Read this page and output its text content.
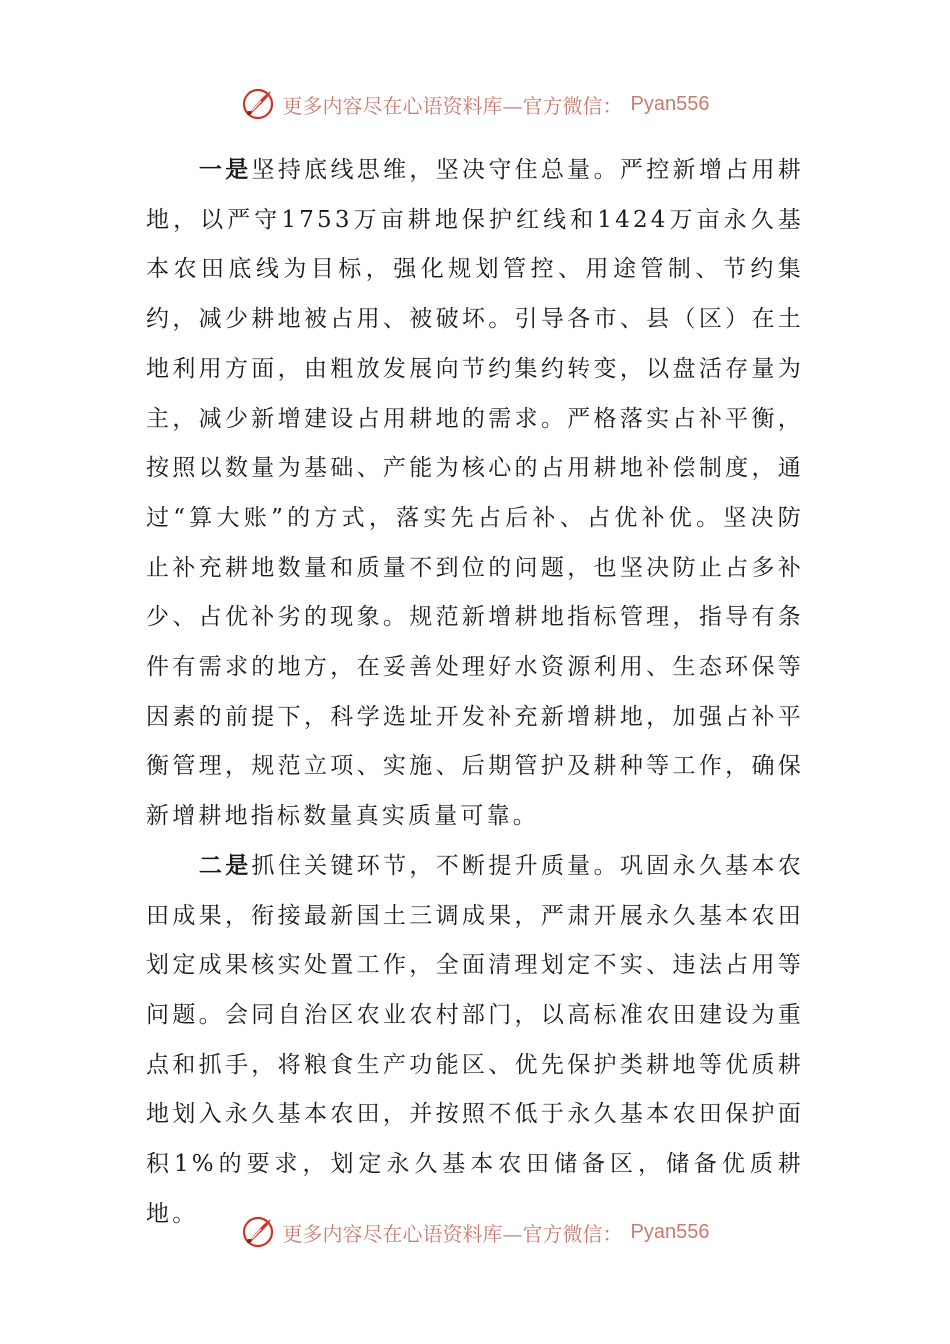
更多内容尽在心语资料库—官方微信： Pyan556

一是坚持底线思维，坚决守住总量。严控新增占用耕地，以严守1753万亩耕地保护红线和1424万亩永久基本农田底线为目标，强化规划管控、用途管制、节约集约，减少耕地被占用、被破坏。引导各市、县（区）在土地利用方面，由粗放发展向节约集约转变，以盘活存量为主，减少新增建设占用耕地的需求。严格落实占补平衡，按照以数量为基础、产能为核心的占用耕地补偿制度，通过“算大账”的方式，落实先占后补、占优补优。坚决防止补充耕地数量和质量不到位的问题，也坚决防止占多补少、占优补劣的现象。规范新增耕地指标管理，指导有条件有需求的地方，在妥善处理好水资源利用、生态环保等因素的前提下，科学选址开发补充新增耕地，加强占补平衡管理，规范立项、实施、后期管护及耕种等工作，确保新增耕地指标数量真实质量可靠。

二是抓住关键环节，不断提升质量。巩固永久基本农田成果，衔接最新国土三调成果，严肃开展永久基本农田划定成果核实处置工作，全面清理划定不实、违法占用等问题。会同自治区农业农村部门，以高标准农田建设为重点和抓手，将粮食生产功能区、优先保护类耕地等优质耕地划入永久基本农田，并按照不低于永久基本农田保护面积1%的要求，划定永久基本农田储备区，储备优质耕地。

更多内容尽在心语资料库—官方微信： Pyan556
